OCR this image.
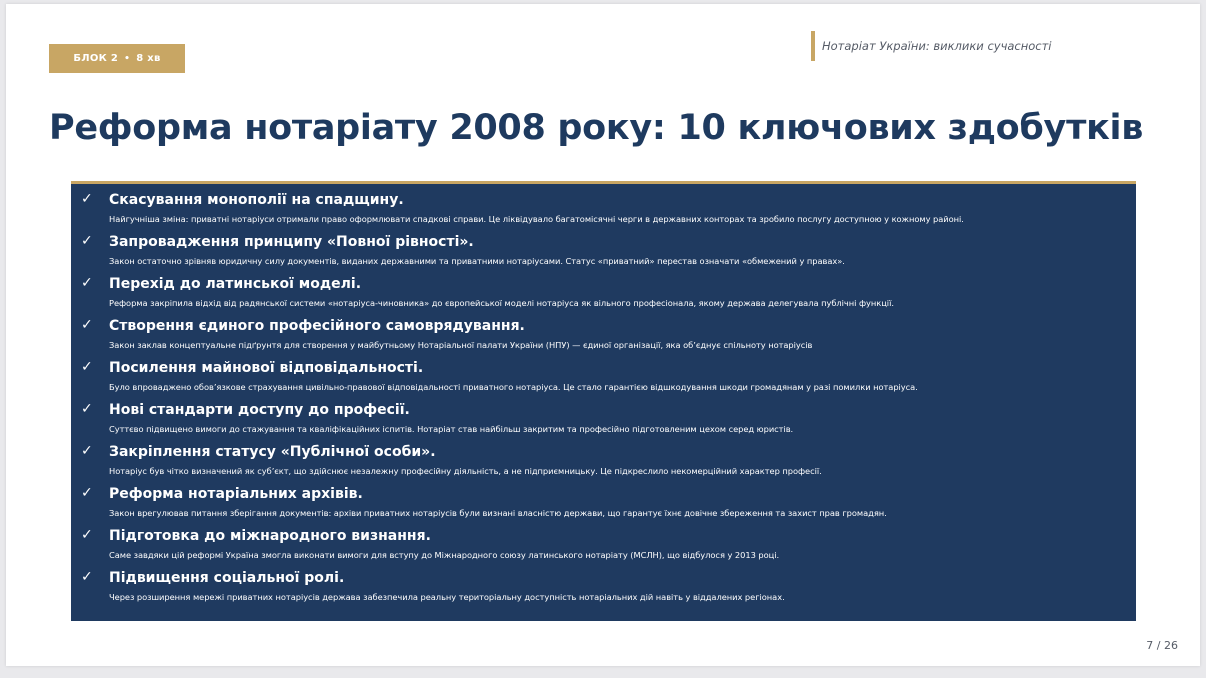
БЛОК 2 • 8 хв
Нотаріат України: виклики сучасності
Реформа нотаріату 2008 року: 10 ключових здобутків
✓ Скасування монополії на спадщину.
Найгучніша зміна: приватні нотаріуси отримали право оформлювати спадкові справи. Це ліквідувало багатомісячні черги в державних конторах та зробило послугу доступною у кожному районі.
✓ Запровадження принципу «Повної рівності».
Закон остаточно зрівняв юридичну силу документів, виданих державними та приватними нотаріусами. Статус «приватний» перестав означати «обмежений у правах».
✓ Перехід до латинської моделі.
Реформа закріпила відхід від радянської системи «нотаріуса-чиновника» до європейської моделі нотаріуса як вільного професіонала, якому держава делегувала публічні функції.
✓ Створення єдиного професійного самоврядування.
Закон заклав концептуальне підґрунтя для створення у майбутньому Нотаріальної палати України (НПУ) — єдиної організації, яка об’єднує спільноту нотаріусів
✓ Посилення майнової відповідальності.
Було впроваджено обов’язкове страхування цивільно-правової відповідальності приватного нотаріуса. Це стало гарантією відшкодування шкоди громадянам у разі помилки нотаріуса.
✓ Нові стандарти доступу до професії.
Суттєво підвищено вимоги до стажування та кваліфікаційних іспитів. Нотаріат став найбільш закритим та професійно підготовленим цехом серед юристів.
✓ Закріплення статусу «Публічної особи».
Нотаріус був чітко визначений як суб’єкт, що здійснює незалежну професійну діяльність, а не підприємницьку. Це підкреслило некомерційний характер професії.
✓ Реформа нотаріальних архівів.
Закон врегулював питання зберігання документів: архіви приватних нотаріусів були визнані власністю держави, що гарантує їхнє довічне збереження та захист прав громадян.
✓ Підготовка до міжнародного визнання.
Саме завдяки цій реформі Україна змогла виконати вимоги для вступу до Міжнародного союзу латинського нотаріату (МСЛН), що відбулося у 2013 році.
✓ Підвищення соціальної ролі.
Через розширення мережі приватних нотаріусів держава забезпечила реальну територіальну доступність нотаріальних дій навіть у віддалених регіонах.
7 / 26
